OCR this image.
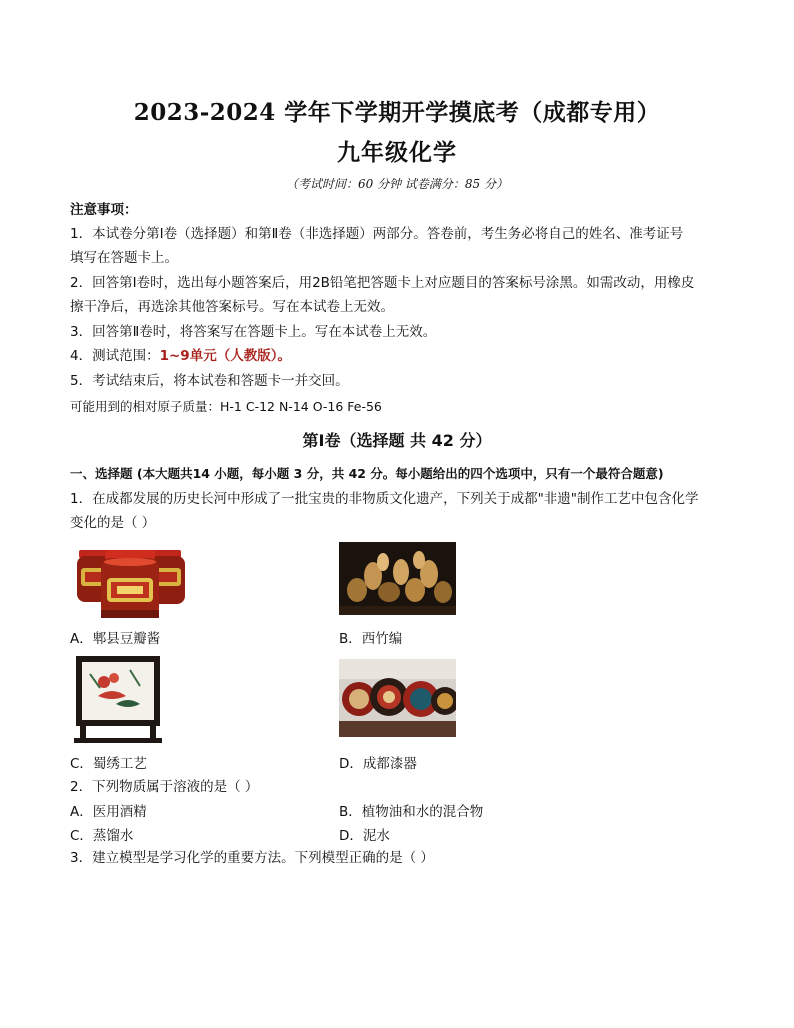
2023-2024 学年下学期开学摸底考（成都专用）
九年级化学
（考试时间：60 分钟 试卷满分：85 分）
注意事项：
1．本试卷分第Ⅰ卷（选择题）和第Ⅱ卷（非选择题）两部分。答卷前，考生务必将自己的姓名、准考证号
填写在答题卡上。
2．回答第Ⅰ卷时，选出每小题答案后，用2B铅笔把答题卡上对应题目的答案标号涂黑。如需改动，用橡皮
擦干净后，再选涂其他答案标号。写在本试卷上无效。
3．回答第Ⅱ卷时，将答案写在答题卡上。写在本试卷上无效。
4．测试范围：1~9单元（人教版）。
5．考试结束后，将本试卷和答题卡一并交回。
可能用到的相对原子质量：H-1 C-12 N-14 O-16 Fe-56
第Ⅰ卷（选择题 共 42 分）
一、选择题 (本大题共14 小题，每小题 3 分，共 42 分。每小题给出的四个选项中，只有一个最符合题意)
1．在成都发展的历史长河中形成了一批宝贵的非物质文化遗产，下列关于成都"非遗"制作工艺中包含化学
变化的是（ ）
A．郫县豆瓣酱	B．西竹编
C．蜀绣工艺	D．成都漆器
2．下列物质属于溶液的是（ ）
A．医用酒精	B．植物油和水的混合物
C．蒸馏水	D．泥水
3．建立模型是学习化学的重要方法。下列模型正确的是（ ）
